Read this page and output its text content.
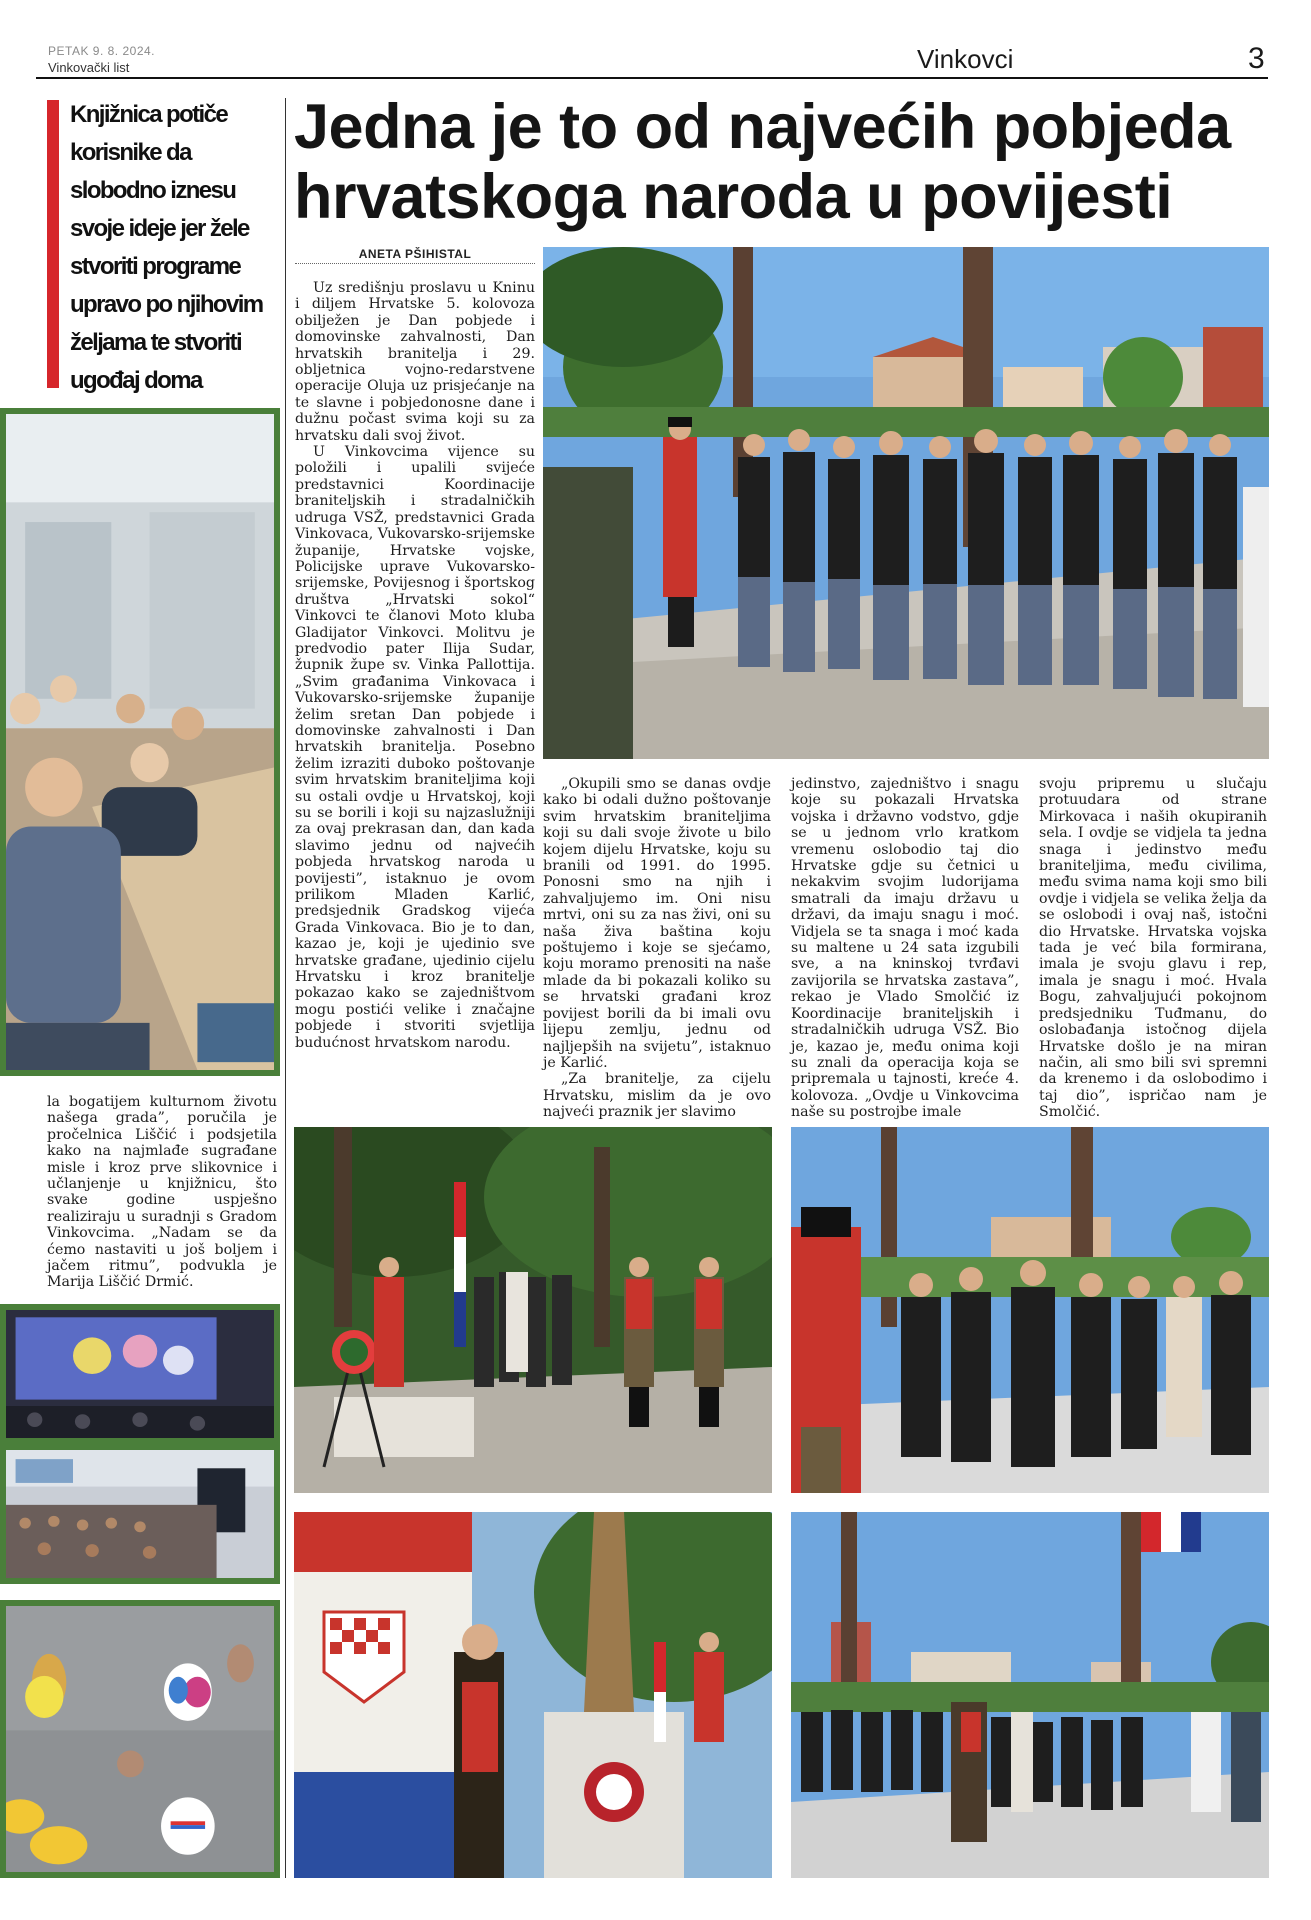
PETAK 9. 8. 2024.
Vinkovački list	Vinkovci	3
Knjižnica potiče korisnike da slobodno iznesu svoje ideje jer žele stvoriti programe upravo po njihovim željama te stvoriti ugođaj doma

la bogatijem kulturnom životu našega grada”, poručila je pročelnica Liščić i podsjetila kako na najmlađe sugrađane misle i kroz prve slikovnice i učlanjenje u knjižnicu, što svake godine uspješno realiziraju u suradnji s Gradom Vinkovcima. „Nadam se da ćemo nastaviti u još boljem i jačem ritmu”, podvukla je Marija Liščić Drmić.

Jedna je to od najvećih pobjeda hrvatskoga naroda u povijesti
ANETA PŠIHISTAL

Uz središnju proslavu u Kninu i diljem Hrvatske 5. kolovoza obilježen je Dan pobjede i domovinske zahvalnosti, Dan hrvatskih branitelja i 29. obljetnica vojno-redarstvene operacije Oluja uz prisjećanje na te slavne i pobjedonosne dane i dužnu počast svima koji su za hrvatsku dali svoj život.

U Vinkovcima vijence su položili i upalili svijeće predstavnici Koordinacije braniteljskih i stradalničkih udruga VSŽ, predstavnici Grada Vinkovaca, Vukovarsko-srijemske županije, Hrvatske vojske, Policijske uprave Vukovarsko-srijemske, Povijesnog i športskog društva „Hrvatski sokol“ Vinkovci te članovi Moto kluba Gladijator Vinkovci. Molitvu je predvodio pater Ilija Sudar, župnik župe sv. Vinka Pallottija. „Svim građanima Vinkovaca i Vukovarsko-srijemske županije želim sretan Dan pobjede i domovinske zahvalnosti i Dan hrvatskih branitelja. Posebno želim izraziti duboko poštovanje svim hrvatskim braniteljima koji su ostali ovdje u Hrvatskoj, koji su se borili i koji su najzaslužniji za ovaj prekrasan dan, dan kada slavimo jednu od najvećih pobjeda hrvatskog naroda u povijesti”, istaknuo je ovom prilikom Mladen Karlić, predsjednik Gradskog vijeća Grada Vinkovaca. Bio je to dan, kazao je, koji je ujedinio sve hrvatske građane, ujedinio cijelu Hrvatsku i kroz branitelje pokazao kako se zajedništvom mogu postići velike i značajne pobjede i stvoriti svjetlija budućnost hrvatskom narodu.

„Okupili smo se danas ovdje kako bi odali dužno poštovanje svim hrvatskim braniteljima koji su dali svoje živote u bilo kojem dijelu Hrvatske, koju su branili od 1991. do 1995. Ponosni smo na njih i zahvaljujemo im. Oni nisu mrtvi, oni su za nas živi, oni su naša živa baština koju poštujemo i koje se sjećamo, koju moramo prenositi na naše mlade da bi pokazali koliko su se hrvatski građani kroz povijest borili da bi imali ovu lijepu zemlju, jednu od najljepših na svijetu”, istaknuo je Karlić.

„Za branitelje, za cijelu Hrvatsku, mislim da je ovo najveći praznik jer slavimo

jedinstvo, zajedništvo i snagu koje su pokazali Hrvatska vojska i državno vodstvo, gdje se u jednom vrlo kratkom vremenu oslobodio taj dio Hrvatske gdje su četnici u nekakvim svojim ludorijama smatrali da imaju državu u državi, da imaju snagu i moć. Vidjela se ta snaga i moć kada su maltene u 24 sata izgubili sve, a na kninskoj tvrđavi zavijorila se hrvatska zastava”, rekao je Vlado Smolčić iz Koordinacije braniteljskih i stradalničkih udruga VSŽ. Bio je, kazao je, među onima koji su znali da operacija koja se pripremala u tajnosti, kreće 4. kolovoza. „Ovdje u Vinkovcima naše su postrojbe imale

svoju pripremu u slučaju protuudara od strane Mirkovaca i naših okupiranih sela. I ovdje se vidjela ta jedna snaga i jedinstvo među braniteljima, među civilima, među svima nama koji smo bili ovdje i vidjela se velika želja da se oslobodi i ovaj naš, istočni dio Hrvatske. Hrvatska vojska tada je već bila formirana, imala je svoju glavu i rep, imala je snagu i moć. Hvala Bogu, zahvaljujući pokojnom predsjedniku Tuđmanu, do oslobađanja istočnog dijela Hrvatske došlo je na miran način, ali smo bili svi spremni da krenemo i da oslobodimo i taj dio”, ispričao nam je Smolčić.
